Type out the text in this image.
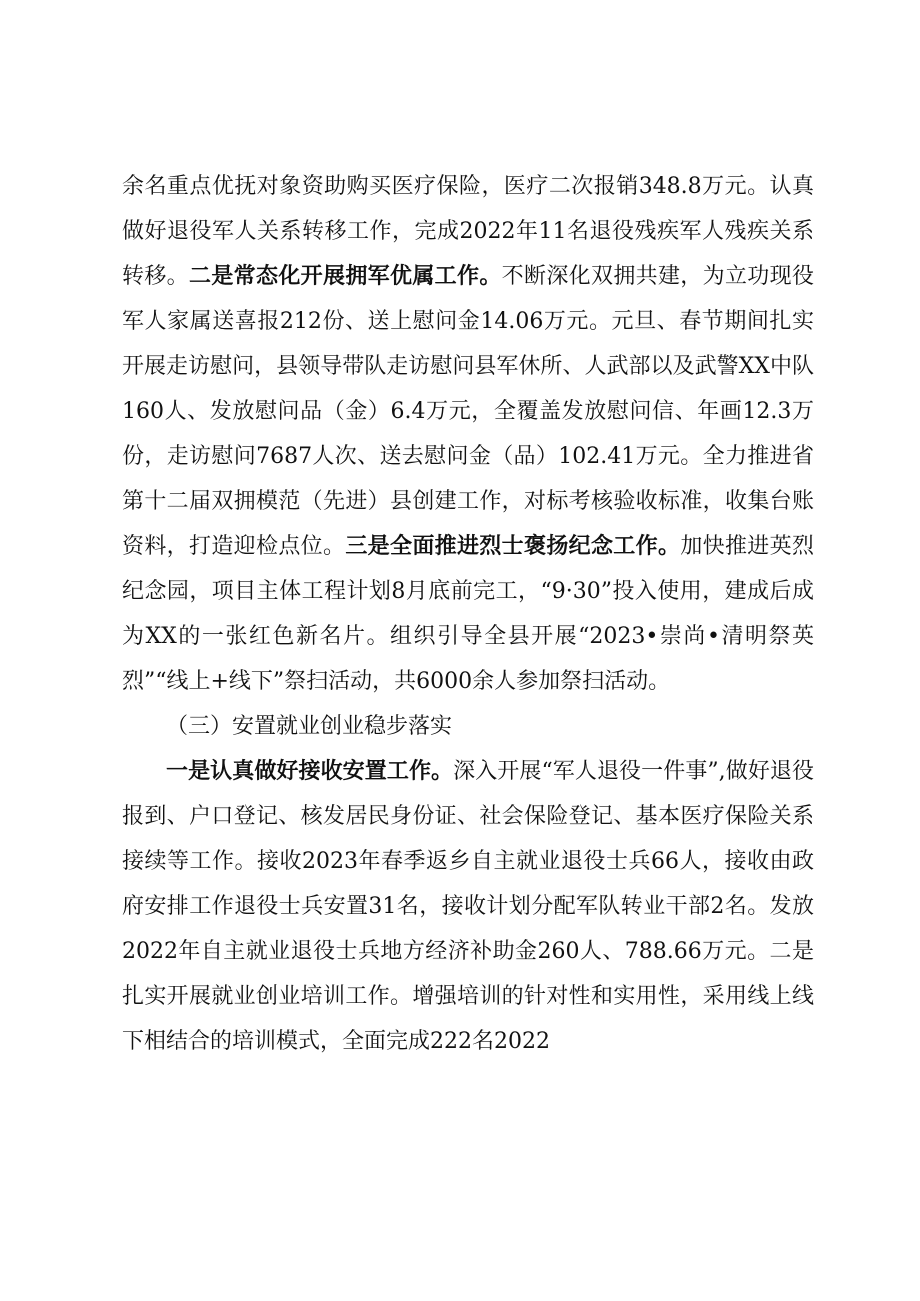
余名重点优抚对象资助购买医疗保险，医疗二次报销348.8万元。认真做好退役军人关系转移工作，完成2022年11名退役残疾军人残疾关系转移。二是常态化开展拥军优属工作。不断深化双拥共建，为立功现役军人家属送喜报212份、送上慰问金14.06万元。元旦、春节期间扎实开展走访慰问，县领导带队走访慰问县军休所、人武部以及武警XX中队160人、发放慰问品（金）6.4万元，全覆盖发放慰问信、年画12.3万份，走访慰问7687人次、送去慰问金（品）102.41万元。全力推进省第十二届双拥模范（先进）县创建工作，对标考核验收标准，收集台账资料，打造迎检点位。三是全面推进烈士褒扬纪念工作。加快推进英烈纪念园，项目主体工程计划8月底前完工，“9·30”投入使用，建成后成为XX的一张红色新名片。组织引导全县开展“2023•崇尚•清明祭英烈”“线上+线下”祭扫活动，共6000余人参加祭扫活动。

（三）安置就业创业稳步落实

一是认真做好接收安置工作。深入开展“军人退役一件事”,做好退役报到、户口登记、核发居民身份证、社会保险登记、基本医疗保险关系接续等工作。接收2023年春季返乡自主就业退役士兵66人，接收由政府安排工作退役士兵安置31名，接收计划分配军队转业干部2名。发放2022年自主就业退役士兵地方经济补助金260人、788.66万元。二是扎实开展就业创业培训工作。增强培训的针对性和实用性，采用线上线下相结合的培训模式，全面完成222名2022
